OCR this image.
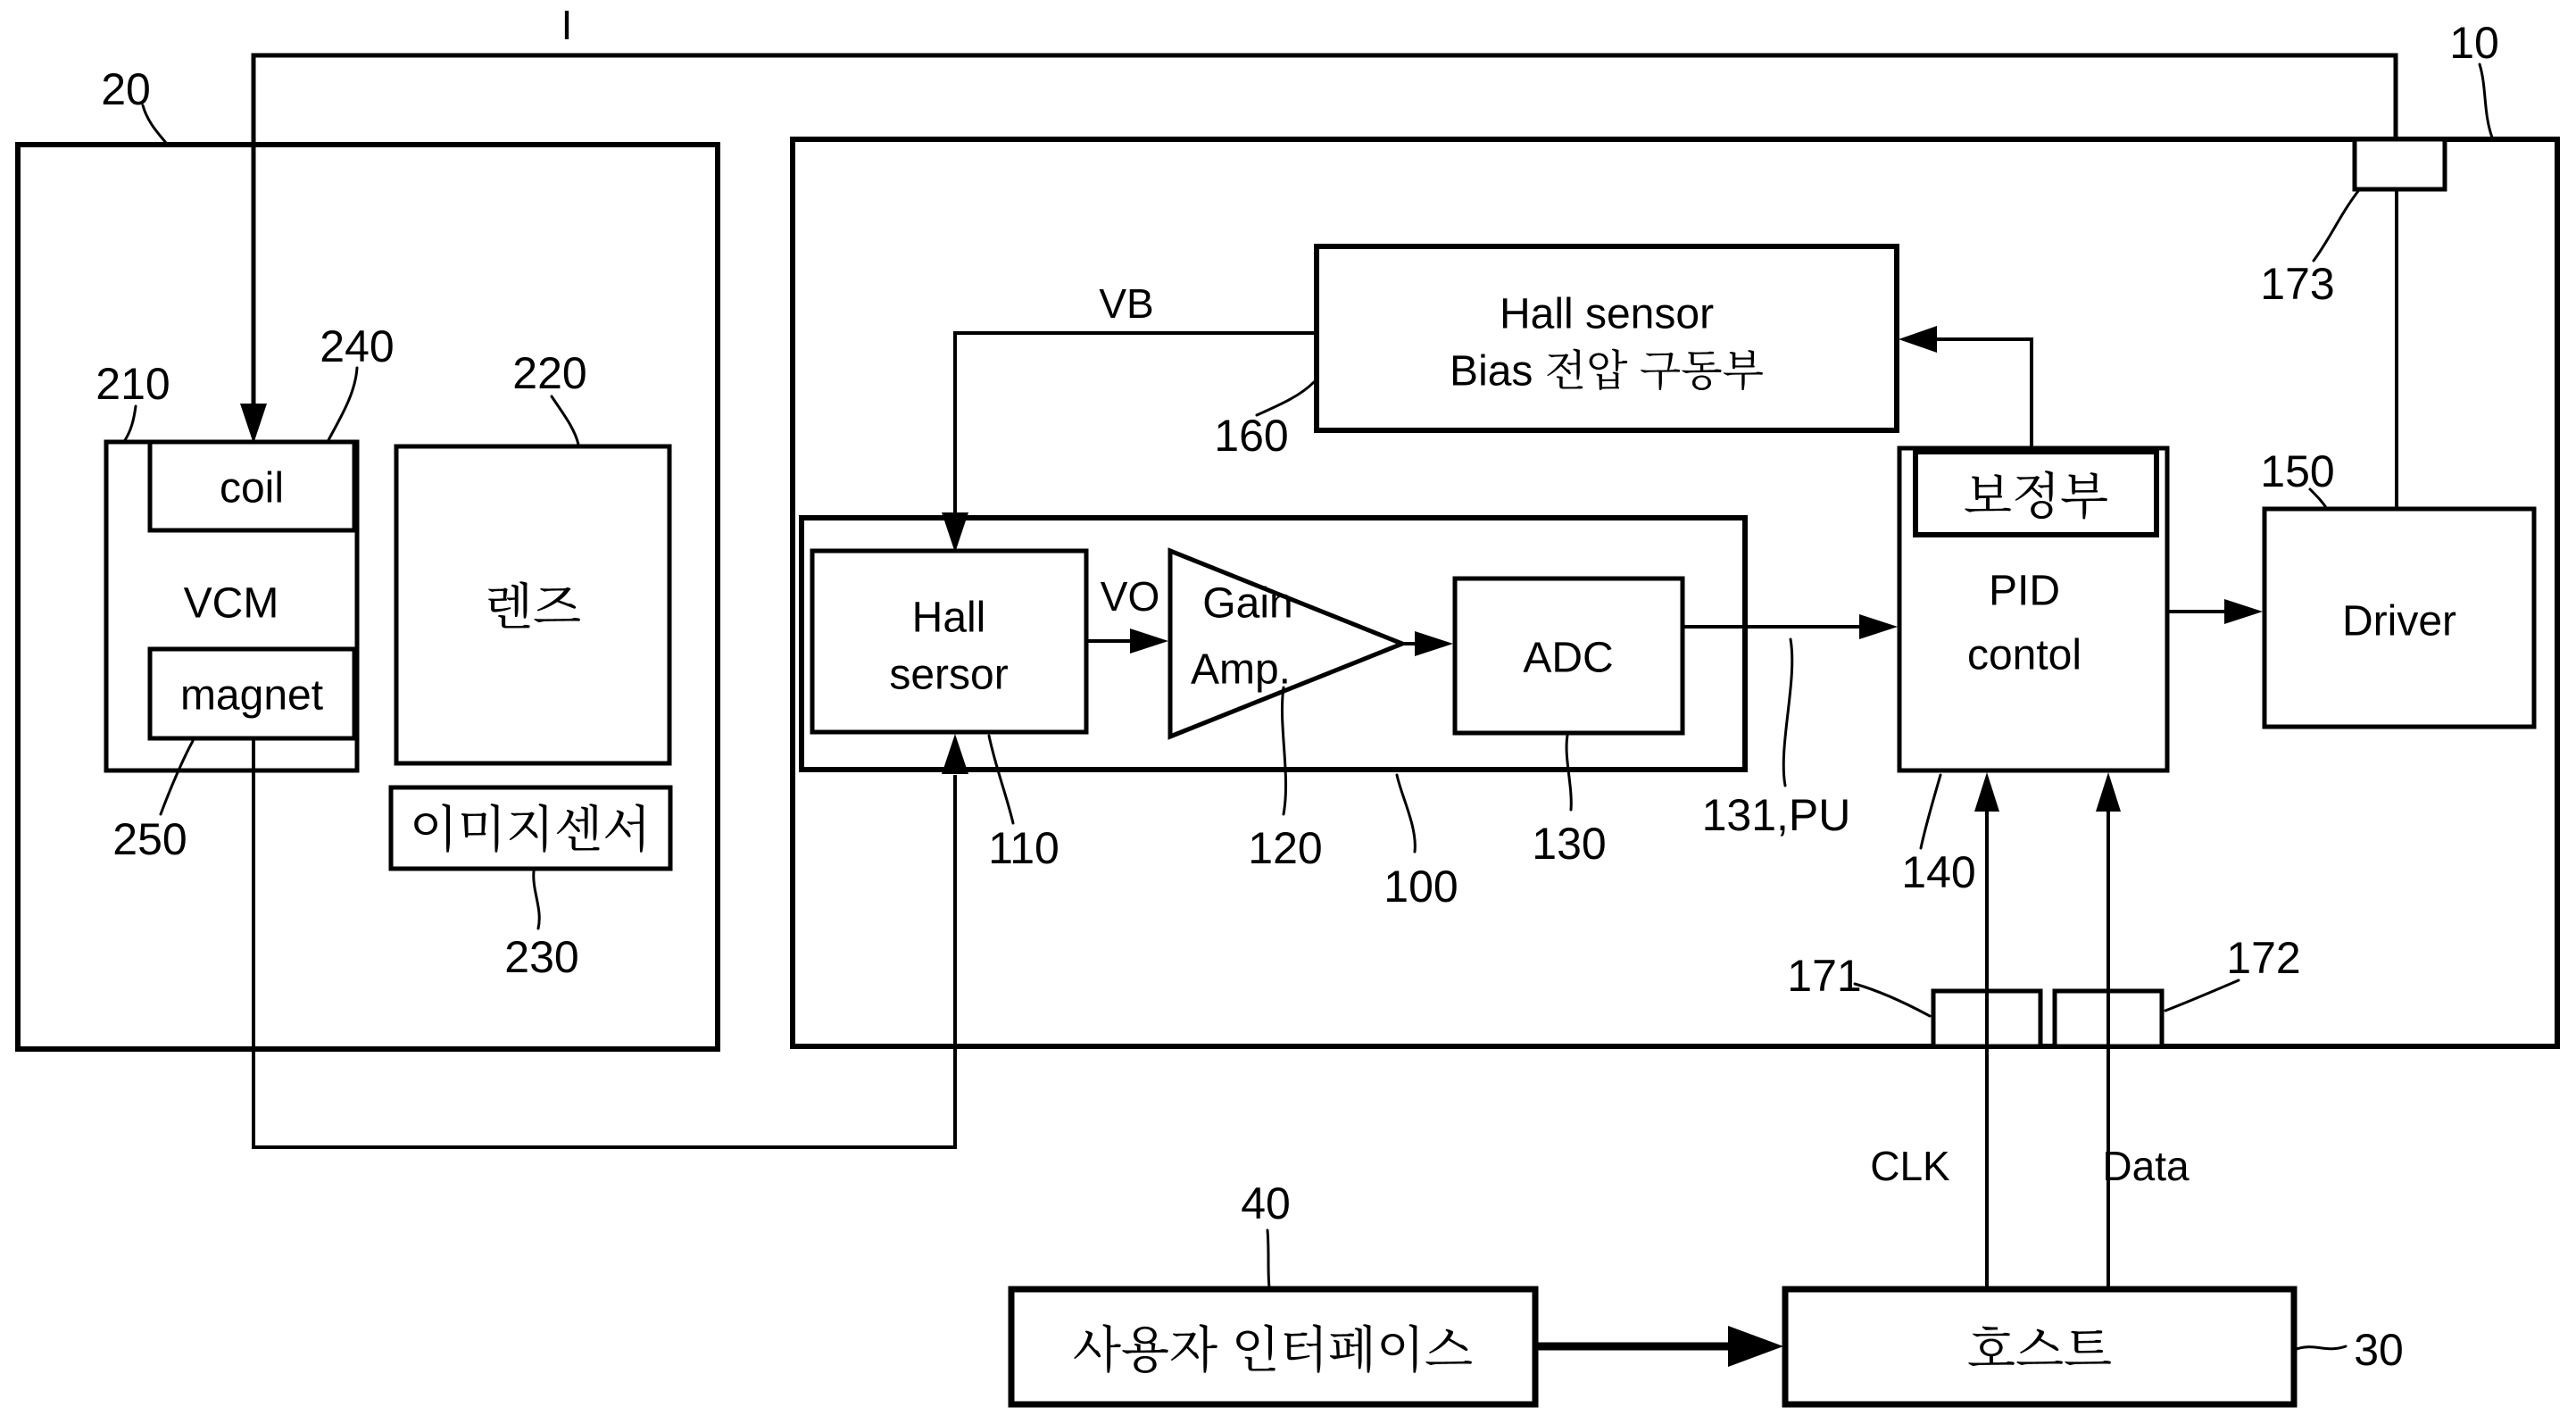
20
10
210
240
220
250
230
160
110	120
100
130
131,PU
140
150
173
171	172
40
30
I
VB
VO
CLK	Data
coil
VCM
magnet
렌즈
이미지센서
Hall sensor
Bias 전압 구동부
Hall
sersor
Gain
Amp.	ADC
보정부
PID
contol
Driver
호스트
사용자 인터페이스
